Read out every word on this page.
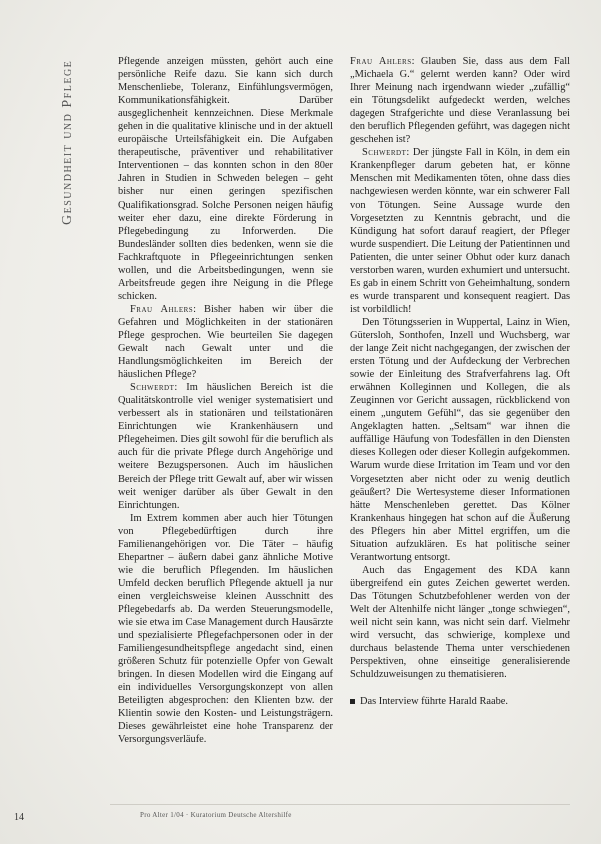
Gesundheit und Pflege	Pflegende anzeigen müssten, gehört auch eine persönliche Reife dazu. Sie kann sich durch Menschenliebe, Toleranz, Einfühlungsvermögen, Kommunikationsfähigkeit. Darüber ausgeglichenheit kennzeichnen. Diese Merkmale gehen in die qualitative klinische und in der aktuell europäische Urteilsfähigkeit ein. Die Aufgaben therapeutische, präventiver und rehabilitativer Interventionen – das konnten schon in den 80er Jahren in Studien in Schweden belegen – geht bisher nur einen geringen spezifischen Qualifikationsgrad. Solche Personen neigen häufig weiter eher dazu, eine direkte Förderung in Pflegebedingung zu Inforwerden. Die Bundesländer sollten dies bedenken, wenn sie die Fachkraftquote in Pflegeeinrichtungen senken wollen, und die Arbeitsbedingungen, wenn sie Arbeitsfreude gegen ihre Neigung in die Pflege schicken.

Frau Ahlers: Bisher haben wir über die Gefahren und Möglichkeiten in der stationären Pflege gesprochen. Wie beurteilen Sie dagegen Gewalt nach Gewalt unter und die Handlungsmöglichkeiten im Bereich der häuslichen Pflege?

Schwerdt: Im häuslichen Bereich ist die Qualitätskontrolle viel weniger systematisiert und verbessert als in stationären und teilstationären Einrichtungen wie Krankenhäusern und Pflegeheimen. Dies gilt sowohl für die beruflich als auch für die private Pflege durch Angehörige und weitere Bezugspersonen. Auch im häuslichen Bereich der Pflege tritt Gewalt auf, aber wir wissen weit weniger darüber als über Gewalt in den Einrichtungen.

Im Extrem kommen aber auch hier Tötungen von Pflegebedürftigen durch ihre Familienangehörigen vor. Die Täter – häufig Ehepartner – äußern dabei ganz ähnliche Motive wie die beruflich Pflegenden. Im häuslichen Umfeld decken beruflich Pflegende aktuell ja nur einen vergleichsweise kleinen Ausschnitt des Pflegebedarfs ab. Da werden Steuerungsmodelle, wie sie etwa im Case Management durch Hausärzte und spezialisierte Pflegefachpersonen oder in der Familiengesundheitspflege angedacht sind, einen größeren Schutz für potenzielle Opfer von Gewalt bringen. In diesen Modellen wird die Eingang auf ein individuelles Versorgungskonzept von allen Beteiligten abgesprochen: den Klienten bzw. der Klientin sowie den Kosten- und Leistungsträgern. Dieses gewährleistet eine hohe Transparenz der Versorgungsverläufe.

Frau Ahlers: Glauben Sie, dass aus dem Fall „Michaela G.“ gelernt werden kann? Oder wird Ihrer Meinung nach irgendwann wieder „zufällig“ ein Tötungsdelikt aufgedeckt werden, welches dagegen Strafgerichte und diese Veranlassung bei den beruflich Pflegenden geführt, was dagegen nicht geschehen ist?

Schwerdt: Der jüngste Fall in Köln, in dem ein Krankenpfleger darum gebeten hat, er könne Menschen mit Medikamenten töten, ohne dass dies nachgewiesen werden könnte, war ein schwerer Fall von Tötungen. Seine Aussage wurde den Vorgesetzten zu Kenntnis gebracht, und die Kündigung hat sofort darauf reagiert, der Pfleger wurde suspendiert. Die Leitung der Patientinnen und Patienten, die unter seiner Obhut oder kurz danach verstorben waren, wurden exhumiert und untersucht. Es gab in einem Schritt von Geheimhaltung, sondern es wurde transparent und konsequent reagiert. Das ist vorbildlich!

Den Tötungsserien in Wuppertal, Lainz in Wien, Gütersloh, Sonthofen, Inzell und Wuchsberg, war der lange Zeit nicht nachgegangen, der zwischen der ersten Tötung und der Aufdeckung der Verbrechen sowie der Einleitung des Strafverfahrens lag. Oft erwähnen Kolleginnen und Kollegen, die als Zeuginnen vor Gericht aussagen, rückblickend von einem „ungutem Gefühl“, das sie gegenüber den Angeklagten hatten. „Seltsam“ war ihnen die auffällige Häufung von Todesfällen in den Diensten dieses Kollegen oder dieser Kollegin aufgekommen. Warum wurde diese Irritation im Team und vor den Vorgesetzten aber nicht oder zu wenig deutlich geäußert? Die Wertesysteme dieser Informationen hätte Menschenleben gerettet. Das Kölner Krankenhaus hingegen hat schon auf die Äußerung des Pflegers hin aber Mittel ergriffen, um die Situation aufzuklären. Es hat politische seiner Verantwortung entsorgt.

Auch das Engagement des KDA kann übergreifend ein gutes Zeichen gewertet werden. Das Tötungen Schutzbefohlener werden von der Welt der Altenhilfe nicht länger „tonge schwiegen“, weil nicht sein kann, was nicht sein darf. Vielmehr wird versucht, das schwierige, komplexe und durchaus belastende Thema unter verschiedenen Perspektiven, ohne einseitige generalisierende Schuldzuweisungen zu thematisieren.

Das Interview führte Harald Raabe.

14	Pro Alter 1/04 · Kuratorium Deutsche Altershilfe
